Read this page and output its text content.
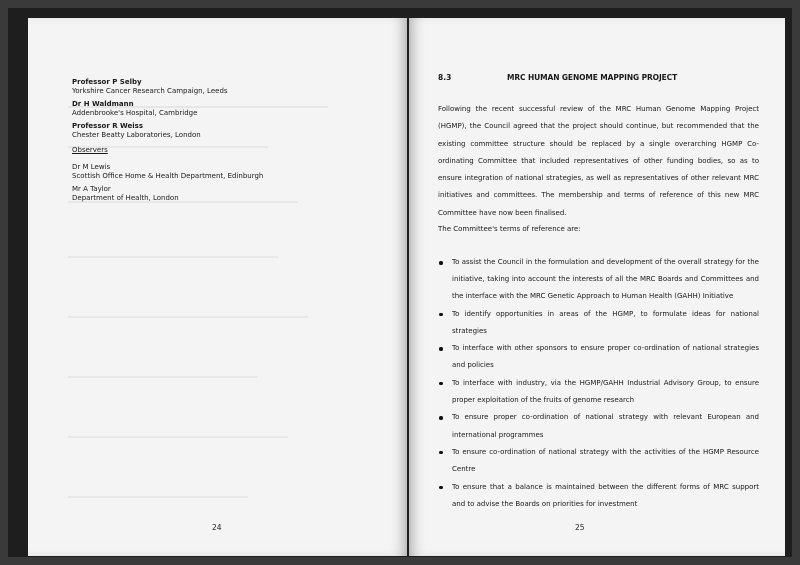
Professor P Selby
Yorkshire Cancer Research Campaign, Leeds
Dr H Waldmann
Addenbrooke's Hospital, Cambridge
Professor R Weiss
Chester Beatty Laboratories, London
Observers
Dr M Lewis
Scottish Office Home & Health Department, Edinburgh
Mr A Taylor
Department of Health, London
24
8.3	MRC HUMAN GENOME MAPPING PROJECT

Following the recent successful review of the MRC Human Genome Mapping Project (HGMP), the Council agreed that the project should continue, but recommended that the existing committee structure should be replaced by a single overarching HGMP Co-ordinating Committee that included representatives of other funding bodies, so as to ensure integration of national strategies, as well as representatives of other relevant MRC initiatives and committees. The membership and terms of reference of this new MRC Committee have now been finalised.

The Committee's terms of reference are:
To assist the Council in the formulation and development of the overall strategy for the initiative, taking into account the interests of all the MRC Boards and Committees and the interface with the MRC Genetic Approach to Human Health (GAHH) Initiative
To identify opportunities in areas of the HGMP, to formulate ideas for national strategies
To interface with other sponsors to ensure proper co-ordination of national strategies and policies
To interface with industry, via the HGMP/GAHH Industrial Advisory Group, to ensure proper exploitation of the fruits of genome research
To ensure proper co-ordination of national strategy with relevant European and international programmes
To ensure co-ordination of national strategy with the activities of the HGMP Resource Centre
To ensure that a balance is maintained between the different forms of MRC support and to advise the Boards on priorities for investment
25
